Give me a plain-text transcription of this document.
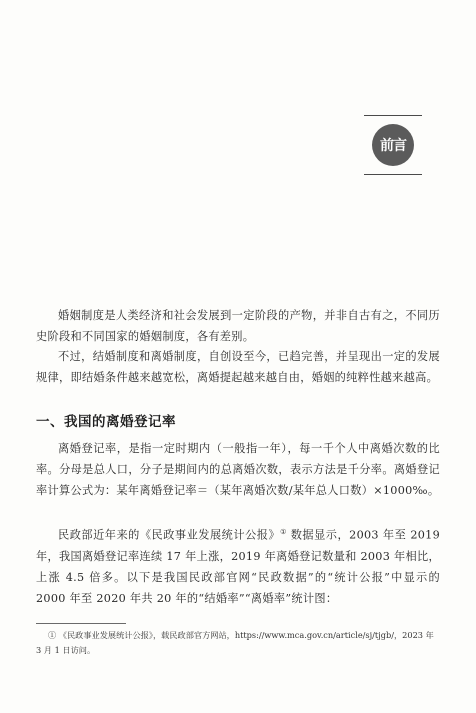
前言

婚姻制度是人类经济和社会发展到一定阶段的产物，并非自古有之，不同历史阶段和不同国家的婚姻制度，各有差别。

不过，结婚制度和离婚制度，自创设至今，已趋完善，并呈现出一定的发展规律，即结婚条件越来越宽松，离婚提起越来越自由，婚姻的纯粹性越来越高。

一、我国的离婚登记率

离婚登记率，是指一定时期内（一般指一年），每一千个人中离婚次数的比率。分母是总人口，分子是期间内的总离婚次数，表示方法是千分率。离婚登记率计算公式为：某年离婚登记率＝（某年离婚次数/某年总人口数）×1000‰。

民政部近年来的《民政事业发展统计公报》① 数据显示，2003 年至 2019 年，我国离婚登记率连续 17 年上涨，2019 年离婚登记数量和 2003 年相比，上涨 4.5 倍多。以下是我国民政部官网“民政数据”的“统计公报”中显示的 2000 年至 2020 年共 20 年的“结婚率”“离婚率”统计图：

① 《民政事业发展统计公报》，载民政部官方网站，https://www.mca.gov.cn/article/sj/tjgb/，2023 年 3 月 1 日访问。
